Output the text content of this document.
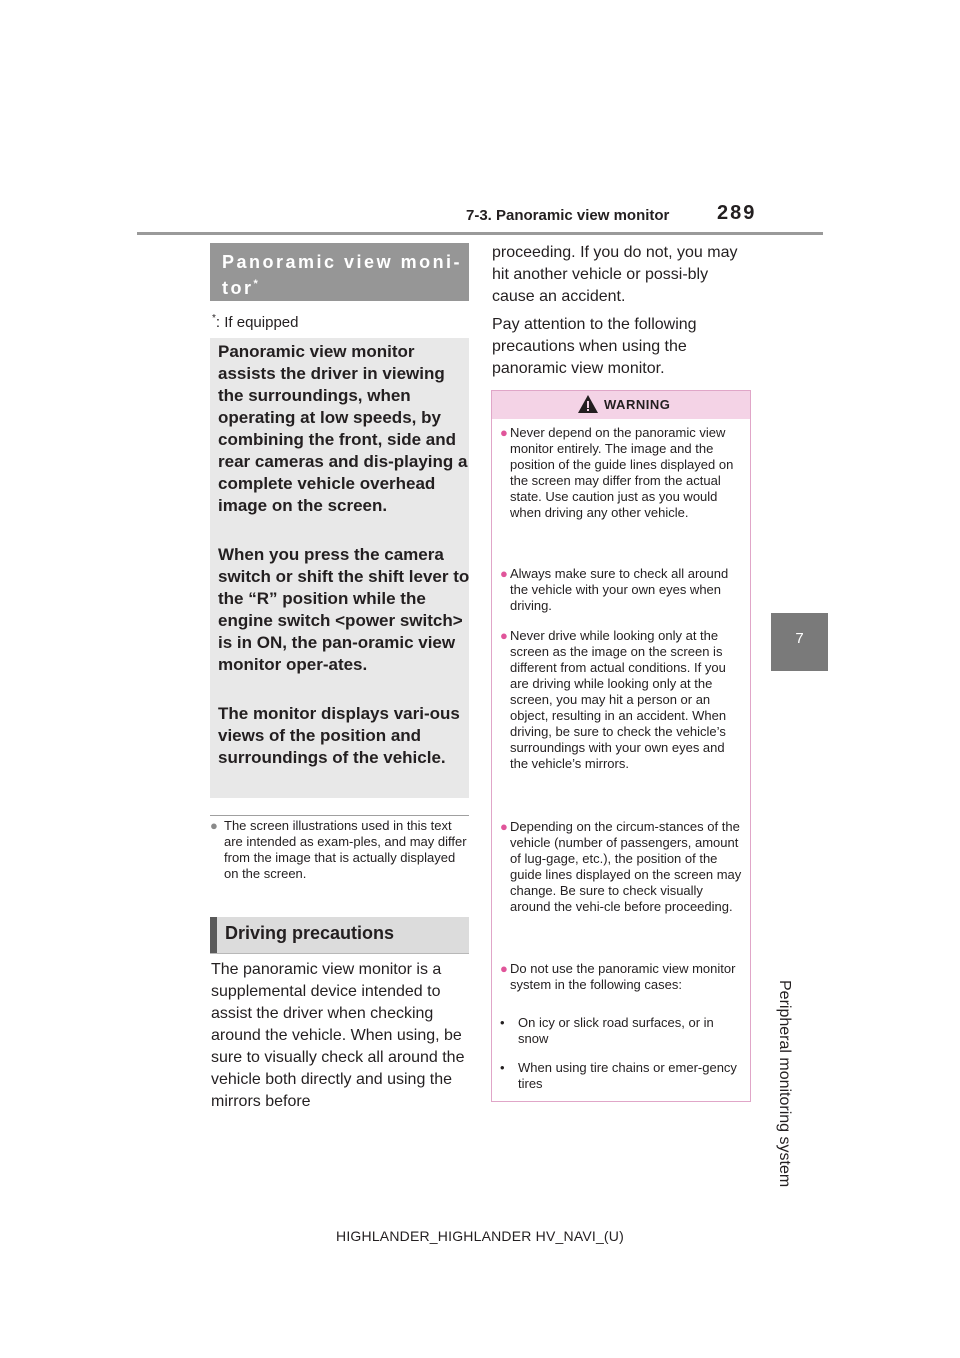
7-3. Panoramic view monitor 289
7
Peripheral monitoring system
Panoramic view moni-
tor*
*: If equipped
Panoramic view monitor assists the driver in viewing the surroundings, when operating at low speeds, by combining the front, side and rear cameras and dis-playing a complete vehicle overhead image on the screen.
When you press the camera switch or shift the shift lever to the “R” position while the engine switch <power switch> is in ON, the pan-oramic view monitor oper-ates.
The monitor displays vari-ous views of the position and surroundings of the vehicle.
● The screen illustrations used in this text are intended as exam-ples, and may differ from the image that is actually displayed on the screen.
Driving precautions
The panoramic view monitor is a supplemental device intended to assist the driver when checking around the vehicle. When using, be sure to visually check all around the vehicle both directly and using the mirrors before
proceeding. If you do not, you may hit another vehicle or possi-bly cause an accident.
Pay attention to the following precautions when using the panoramic view monitor.
WARNING
● Never depend on the panoramic view monitor entirely. The image and the position of the guide lines displayed on the screen may differ from the actual state. Use caution just as you would when driving any other vehicle.
● Always make sure to check all around the vehicle with your own eyes when driving.
● Never drive while looking only at the screen as the image on the screen is different from actual conditions. If you are driving while looking only at the screen, you may hit a person or an object, resulting in an accident. When driving, be sure to check the vehicle’s surroundings with your own eyes and the vehicle’s mirrors.
● Depending on the circum-stances of the vehicle (number of passengers, amount of lug-gage, etc.), the position of the guide lines displayed on the screen may change. Be sure to check visually around the vehi-cle before proceeding.
● Do not use the panoramic view monitor system in the following cases:
• On icy or slick road surfaces, or in snow
• When using tire chains or emer-gency tires
HIGHLANDER_HIGHLANDER HV_NAVI_(U)
